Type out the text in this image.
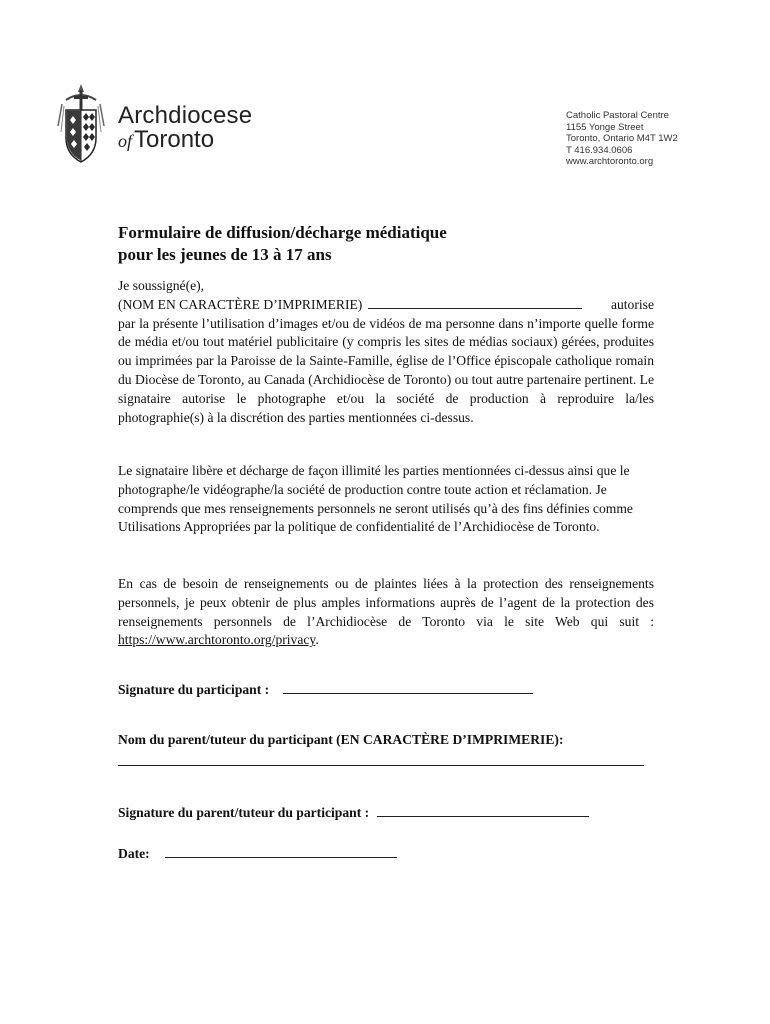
Archdiocese
ofToronto
Catholic Pastoral Centre
1155 Yonge Street
Toronto, Ontario M4T 1W2
T 416.934.0606
www.archtoronto.org
Formulaire de diffusion/décharge médiatique
pour les jeunes de 13 à 17 ans
Je soussigné(e),
(NOM EN CARACTÈRE D’IMPRIMERIE)	autorise
par la présente l’utilisation d’images et/ou de vidéos de ma personne dans n’importe quelle forme de média et/ou tout matériel publicitaire (y compris les sites de médias sociaux) gérées, produites ou imprimées par la Paroisse de la Sainte-Famille, église de l’Office épiscopale catholique romain du Diocèse de Toronto, au Canada (Archidiocèse de Toronto) ou tout autre partenaire pertinent. Le signataire autorise le photographe et/ou la société de production à reproduire la/les photographie(s) à la discrétion des parties mentionnées ci-dessus.
Le signataire libère et décharge de façon illimité les parties mentionnées ci-dessus ainsi que le photographe/le vidéographe/la société de production contre toute action et réclamation. Je comprends que mes renseignements personnels ne seront utilisés qu’à des fins définies comme Utilisations Appropriées par la politique de confidentialité de l’Archidiocèse de Toronto.
En cas de besoin de renseignements ou de plaintes liées à la protection des renseignements personnels, je peux obtenir de plus amples informations auprès de l’agent de la protection des renseignements personnels de l’Archidiocèse de Toronto via le site Web qui suit : https://www.archtoronto.org/privacy.
Signature du participant :
Nom du parent/tuteur du participant (EN CARACTÈRE D’IMPRIMERIE):
Signature du parent/tuteur du participant :
Date:
